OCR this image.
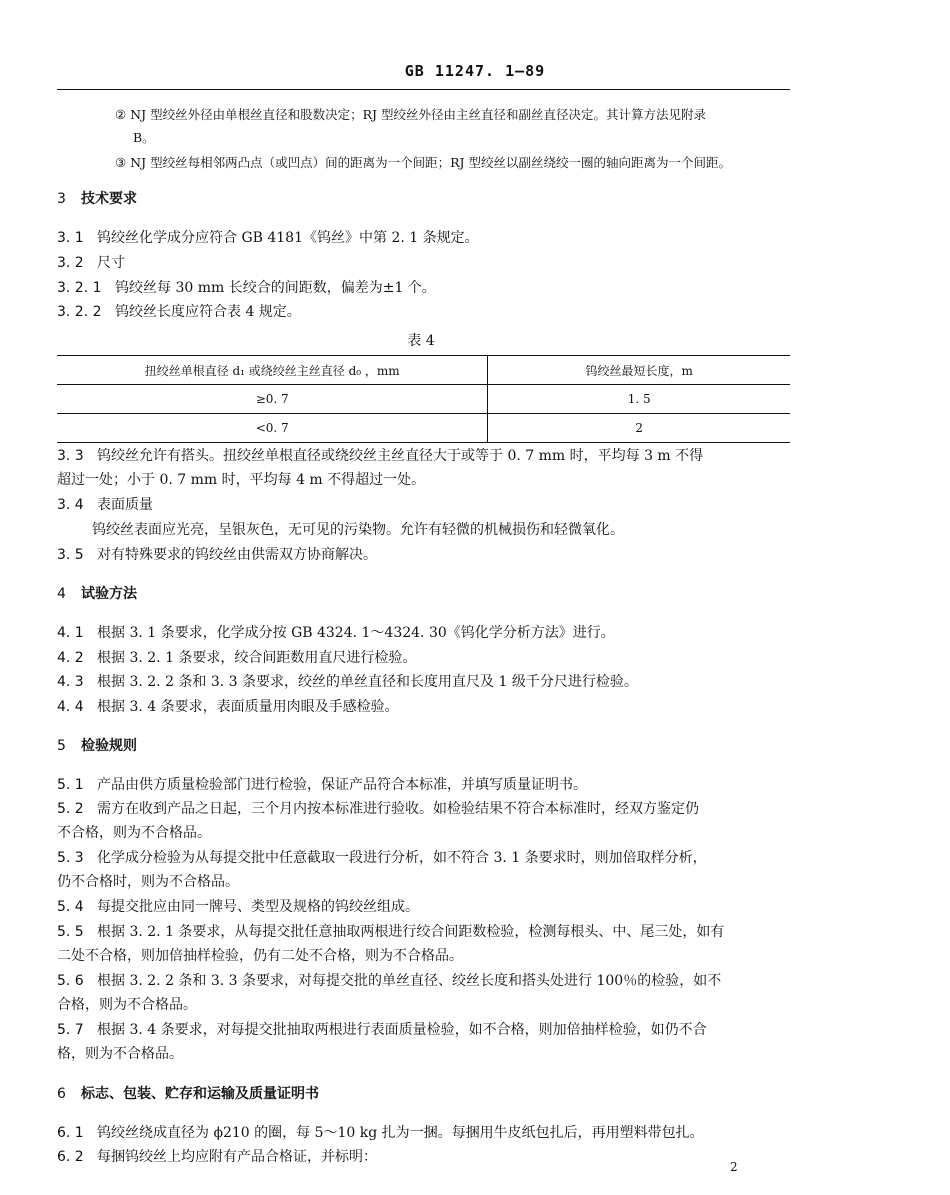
GB 11247. 1—89
② NJ 型绞丝外径由单根丝直径和股数决定；RJ 型绞丝外径由主丝直径和副丝直径决定。其计算方法见附录
B。
③ NJ 型绞丝每相邻两凸点（或凹点）间的距离为一个间距；RJ 型绞丝以副丝绕绞一圈的轴向距离为一个间距。
3 技术要求
3. 1 钨绞丝化学成分应符合 GB 4181《钨丝》中第 2. 1 条规定。
3. 2 尺寸
3. 2. 1 钨绞丝每 30 mm 长绞合的间距数，偏差为±1 个。
3. 2. 2 钨绞丝长度应符合表 4 规定。
表 4
扭绞丝单根直径 d₁ 或绕绞丝主丝直径 d₀ ，mm	钨绞丝最短长度，m
≥0. 7	1. 5
<0. 7	2
3. 3 钨绞丝允许有搭头。扭绞丝单根直径或绕绞丝主丝直径大于或等于 0. 7 mm 时，平均每 3 m 不得
超过一处；小于 0. 7 mm 时，平均每 4 m 不得超过一处。
3. 4 表面质量
钨绞丝表面应光亮，呈银灰色，无可见的污染物。允许有轻微的机械损伤和轻微氧化。
3. 5 对有特殊要求的钨绞丝由供需双方协商解决。
4 试验方法
4. 1 根据 3. 1 条要求，化学成分按 GB 4324. 1～4324. 30《钨化学分析方法》进行。
4. 2 根据 3. 2. 1 条要求，绞合间距数用直尺进行检验。
4. 3 根据 3. 2. 2 条和 3. 3 条要求，绞丝的单丝直径和长度用直尺及 1 级千分尺进行检验。
4. 4 根据 3. 4 条要求，表面质量用肉眼及手感检验。
5 检验规则
5. 1 产品由供方质量检验部门进行检验，保证产品符合本标准，并填写质量证明书。
5. 2 需方在收到产品之日起，三个月内按本标准进行验收。如检验结果不符合本标准时，经双方鉴定仍
不合格，则为不合格品。
5. 3 化学成分检验为从每提交批中任意截取一段进行分析，如不符合 3. 1 条要求时，则加倍取样分析，
仍不合格时，则为不合格品。
5. 4 每提交批应由同一牌号、类型及规格的钨绞丝组成。
5. 5 根据 3. 2. 1 条要求，从每提交批任意抽取两根进行绞合间距数检验，检测每根头、中、尾三处，如有
二处不合格，则加倍抽样检验，仍有二处不合格，则为不合格品。
5. 6 根据 3. 2. 2 条和 3. 3 条要求，对每提交批的单丝直径、绞丝长度和搭头处进行 100％的检验，如不
合格，则为不合格品。
5. 7 根据 3. 4 条要求，对每提交批抽取两根进行表面质量检验，如不合格，则加倍抽样检验，如仍不合
格，则为不合格品。
6 标志、包装、贮存和运输及质量证明书
6. 1 钨绞丝绕成直径为 ϕ210 的圈，每 5～10 kg 扎为一捆。每捆用牛皮纸包扎后，再用塑料带包扎。
6. 2 每捆钨绞丝上均应附有产品合格证，并标明：
2
